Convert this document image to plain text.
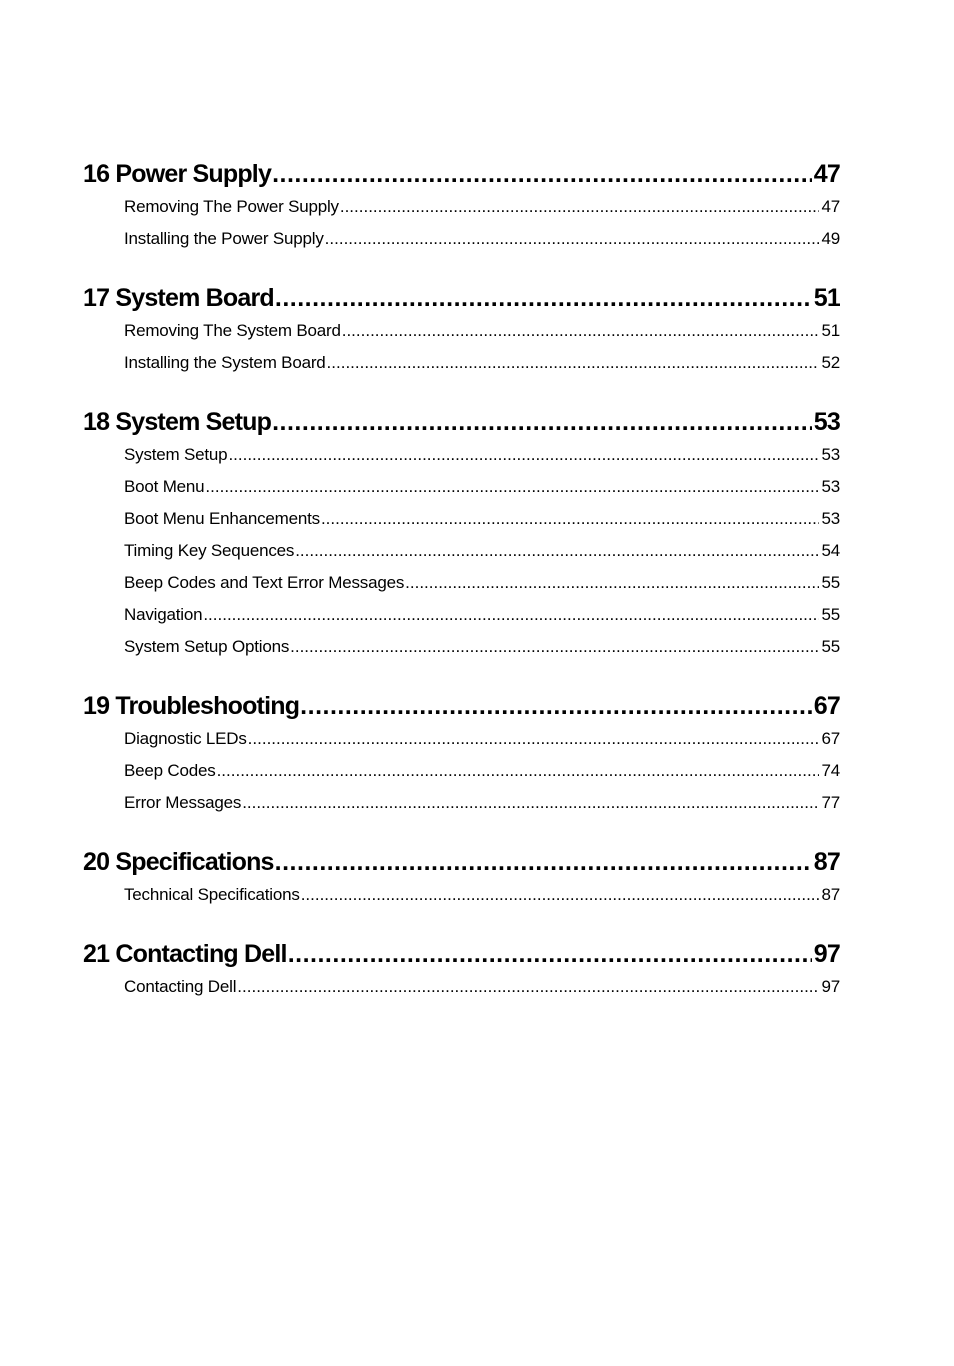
16 Power Supply .....	47
Removing The Power Supply .....	47
Installing the Power Supply .....	49
17 System Board .....	51
Removing The System Board .....	51
Installing the System Board .....	52
18 System Setup .....	53
System Setup .....	53
Boot Menu .....	53
Boot Menu Enhancements .....	53
Timing Key Sequences .....	54
Beep Codes and Text Error Messages .....	55
Navigation .....	55
System Setup Options .....	55
19 Troubleshooting .....	67
Diagnostic LEDs .....	67
Beep Codes .....	74
Error Messages .....	77
20 Specifications .....	87
Technical Specifications .....	87
21 Contacting Dell .....	97
Contacting Dell .....	97
